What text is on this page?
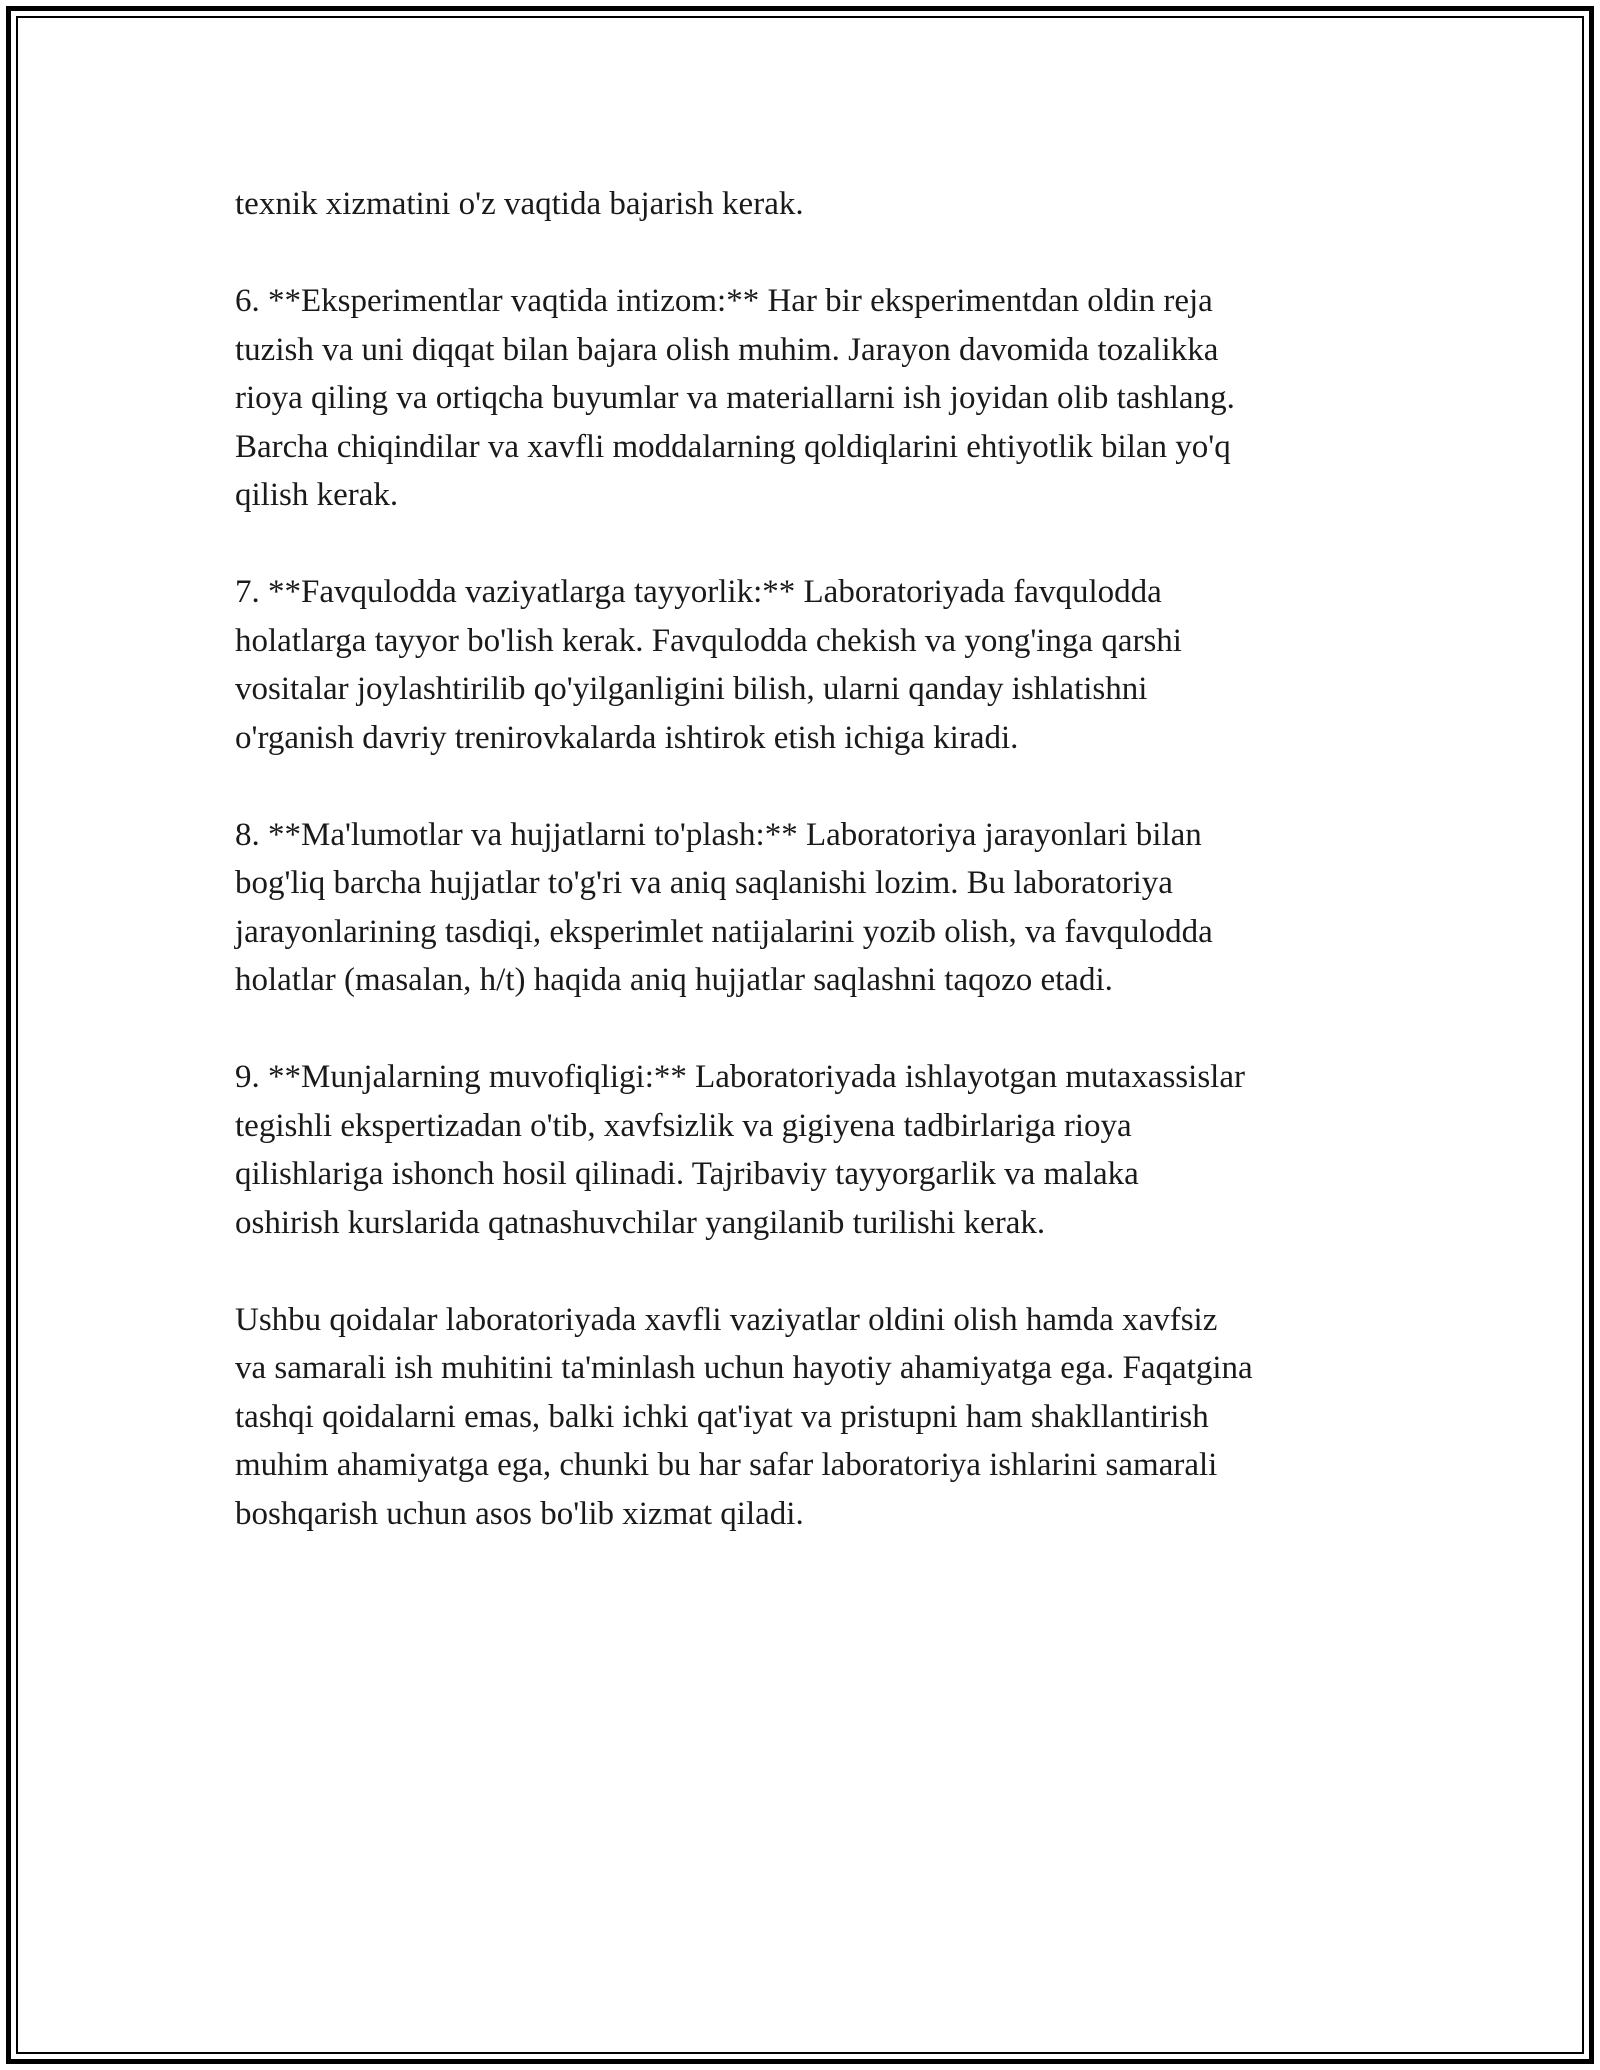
texnik xizmatini o'z vaqtida bajarish kerak.

6. **Eksperimentlar vaqtida intizom:** Har bir eksperimentdan oldin reja
tuzish va uni diqqat bilan bajara olish muhim. Jarayon davomida tozalikka
rioya qiling va ortiqcha buyumlar va materiallarni ish joyidan olib tashlang.
Barcha chiqindilar va xavfli moddalarning qoldiqlarini ehtiyotlik bilan yo'q
qilish kerak.

7. **Favqulodda vaziyatlarga tayyorlik:** Laboratoriyada favqulodda
holatlarga tayyor bo'lish kerak. Favqulodda chekish va yong'inga qarshi
vositalar joylashtirilib qo'yilganligini bilish, ularni qanday ishlatishni
o'rganish davriy trenirovkalarda ishtirok etish ichiga kiradi.

8. **Ma'lumotlar va hujjatlarni to'plash:** Laboratoriya jarayonlari bilan
bog'liq barcha hujjatlar to'g'ri va aniq saqlanishi lozim. Bu laboratoriya
jarayonlarining tasdiqi, eksperimlet natijalarini yozib olish, va favqulodda
holatlar (masalan, h/t) haqida aniq hujjatlar saqlashni taqozo etadi.

9. **Munjalarning muvofiqligi:** Laboratoriyada ishlayotgan mutaxassislar
tegishli ekspertizadan o'tib, xavfsizlik va gigiyena tadbirlariga rioya
qilishlariga ishonch hosil qilinadi. Tajribaviy tayyorgarlik va malaka
oshirish kurslarida qatnashuvchilar yangilanib turilishi kerak.

Ushbu qoidalar laboratoriyada xavfli vaziyatlar oldini olish hamda xavfsiz
va samarali ish muhitini ta'minlash uchun hayotiy ahamiyatga ega. Faqatgina
tashqi qoidalarni emas, balki ichki qat'iyat va pristupni ham shakllantirish
muhim ahamiyatga ega, chunki bu har safar laboratoriya ishlarini samarali
boshqarish uchun asos bo'lib xizmat qiladi.
